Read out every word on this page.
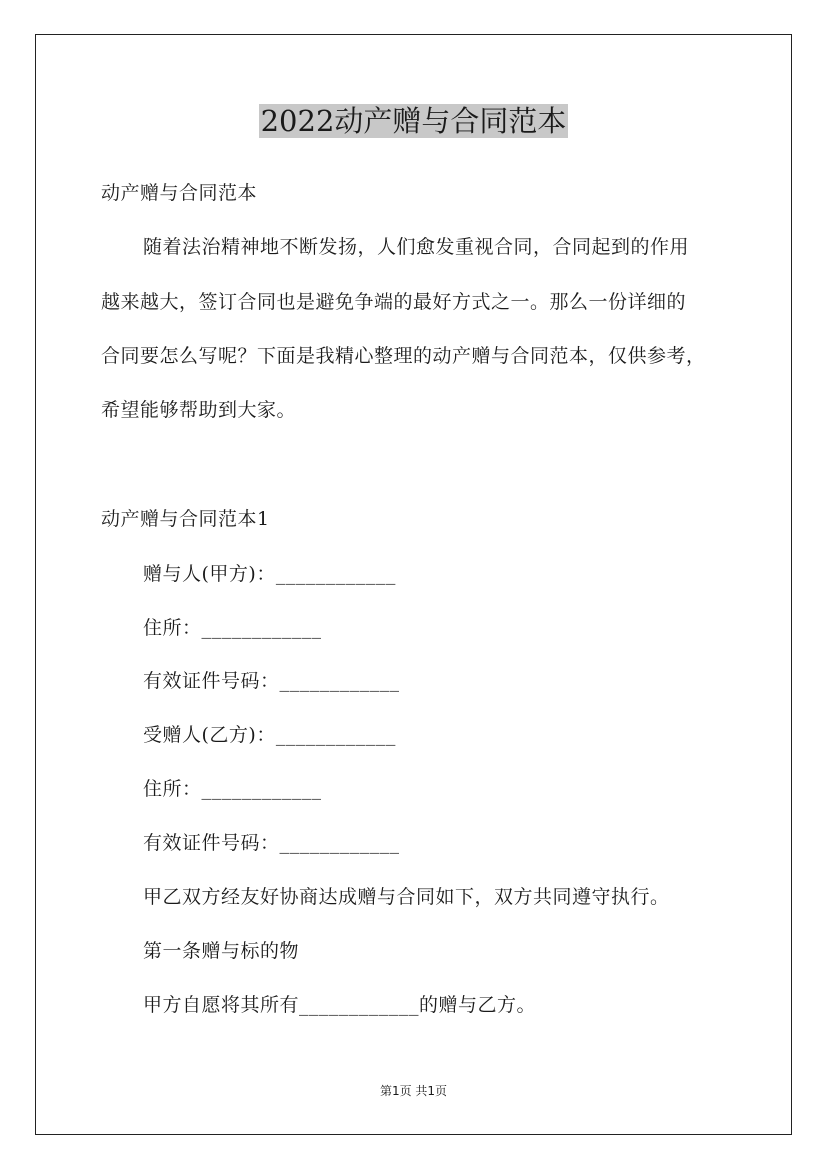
2022动产赠与合同范本
动产赠与合同范本
随着法治精神地不断发扬，人们愈发重视合同，合同起到的作用
越来越大，签订合同也是避免争端的最好方式之一。那么一份详细的
合同要怎么写呢？下面是我精心整理的动产赠与合同范本，仅供参考，
希望能够帮助到大家。
动产赠与合同范本1
赠与人(甲方)：____________
住所：____________
有效证件号码：____________
受赠人(乙方)：____________
住所：____________
有效证件号码：____________
甲乙双方经友好协商达成赠与合同如下，双方共同遵守执行。
第一条赠与标的物
甲方自愿将其所有____________的赠与乙方。
第1页 共1页
